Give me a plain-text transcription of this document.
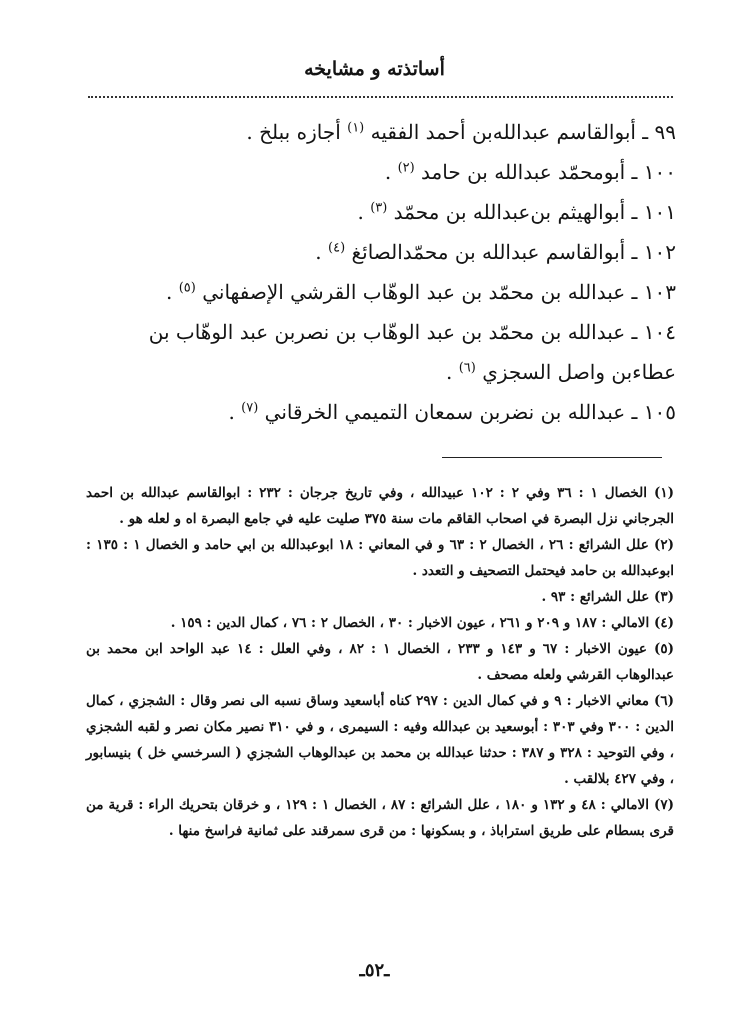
أساتذته و مشايخه

٩٩ ـ أبوالقاسم عبدالله‌بن أحمد الفقيه $^{(١)}$ أجازه ببلخ .

١٠٠ ـ أبومحمّد عبدالله بن حامد $^{(٢)}$ .

١٠١ ـ أبوالهيثم بن‌عبدالله بن محمّد $^{(٣)}$ .

١٠٢ ـ أبوالقاسم عبدالله بن محمّدالصائغ $^{(٤)}$ .

١٠٣ ـ عبدالله بن محمّد بن عبد الوهّاب القرشي الإصفهاني $^{(٥)}$ .

١٠٤ ـ عبدالله بن محمّد بن عبد الوهّاب بن نصربن عبد الوهّاب بن عطاءبن واصل السجزي $^{(٦)}$ .

١٠٥ ـ عبدالله بن نضربن سمعان التميمي الخرقاني $^{(٧)}$ .

(١) الخصال ١ : ٣٦ وفي ٢ : ١٠٢ عبيدالله ، وفي تاريخ جرجان : ٢٣٢ : ابوالقاسم عبدالله بن احمد الجرجاني نزل البصرة في اصحاب القاقم مات سنة ٣٧٥ صليت عليه في جامع البصرة اه و لعله هو .

(٢) علل الشرائع : ٢٦ ، الخصال ٢ : ٦٣ و في المعاني : ١٨ ابوعبدالله بن ابي حامد و الخصال ١ : ١٣٥ : ابوعبدالله بن حامد فيحتمل التصحيف و التعدد .

(٣) علل الشرائع : ٩٣ .

(٤) الامالي : ١٨٧ و ٢٠٩ و ٢٦١ ، عيون الاخبار : ٣٠ ، الخصال ٢ : ٧٦ ، كمال الدين : ١٥٩ .

(٥) عيون الاخبار : ٦٧ و ١٤٣ و ٢٣٣ ، الخصال ١ : ٨٢ ، وفي العلل : ١٤ عبد الواحد ابن محمد بن عبدالوهاب القرشي ولعله مصحف .

(٦) معاني الاخبار : ٩ و في كمال الدين : ٢٩٧ كناه أباسعيد وساق نسبه الى نصر وقال : الشجزي ، كمال الدين : ٣٠٠ وفي ٣٠٣ : أبوسعيد بن عبدالله وفيه : السيمرى ، و في ٣١٠ نصير مكان نصر و لقبه الشجزي ، وفي التوحيد : ٣٢٨ و ٣٨٧ : حدثنا عبدالله بن محمد بن عبدالوهاب الشجزي ( السرخسي خل ) بنيسابور ، وفي ٤٢٧ بلالقب .

(٧) الامالي : ٤٨ و ١٣٢ و ١٨٠ ، علل الشرائع : ٨٧ ، الخصال ١ : ١٢٩ ، و خرقان بتحريك الراء : قرية من قرى بسطام على طريق استراباذ ، و بسكونها : من قرى سمرقند على ثمانية فراسخ منها .

ـ٥٢ـ
